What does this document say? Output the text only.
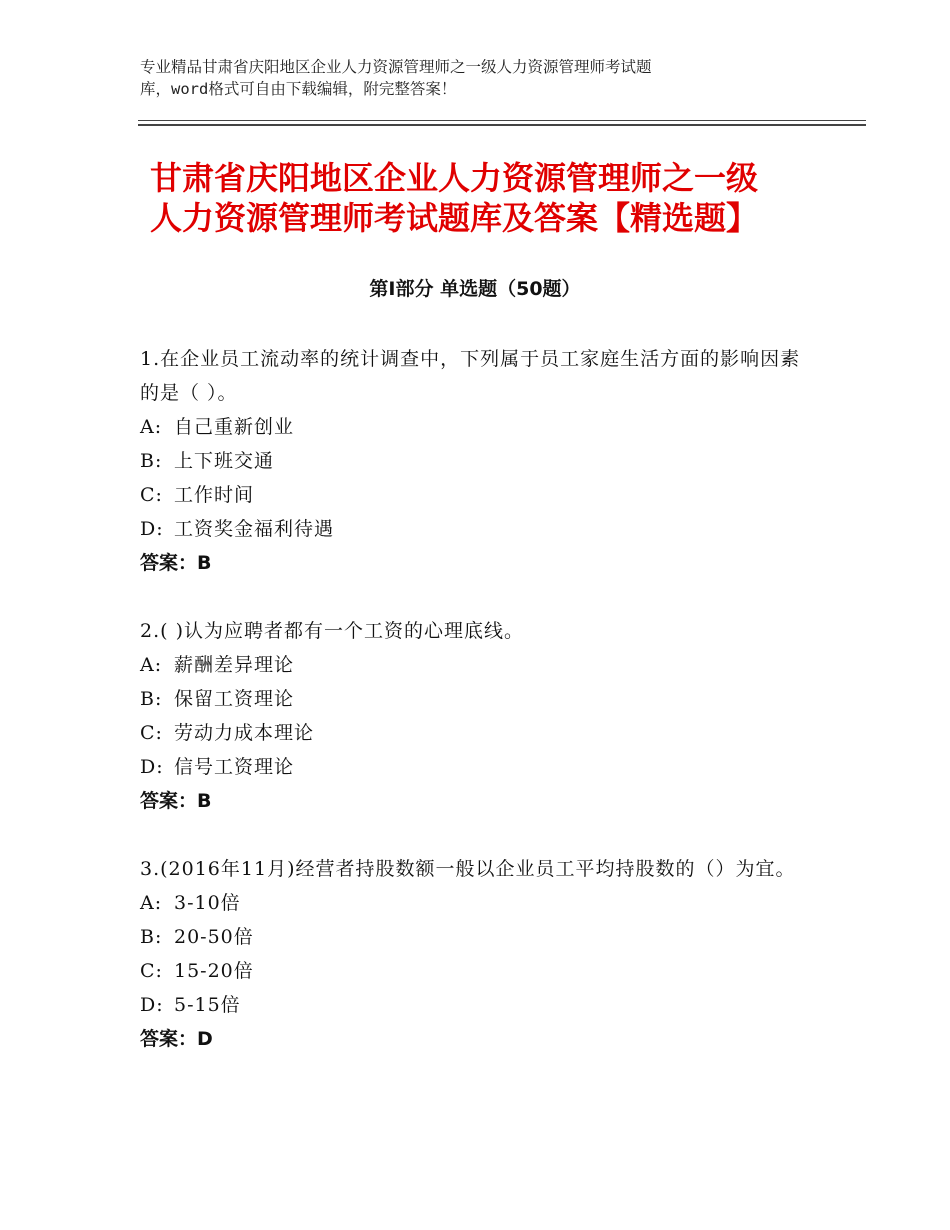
专业精品甘肃省庆阳地区企业人力资源管理师之一级人力资源管理师考试题
库，word格式可自由下载编辑，附完整答案！
甘肃省庆阳地区企业人力资源管理师之一级
人力资源管理师考试题库及答案【精选题】
第Ⅰ部分 单选题（50题）
1.在企业员工流动率的统计调查中，下列属于员工家庭生活方面的影响因素的是（ ）。
A: 自己重新创业
B: 上下班交通
C: 工作时间
D: 工资奖金福利待遇
答案：B
2.( )认为应聘者都有一个工资的心理底线。
A: 薪酬差异理论
B: 保留工资理论
C: 劳动力成本理论
D: 信号工资理论
答案：B
3.(2016年11月)经营者持股数额一般以企业员工平均持股数的（）为宜。
A: 3-10倍
B: 20-50倍
C: 15-20倍
D: 5-15倍
答案：D
